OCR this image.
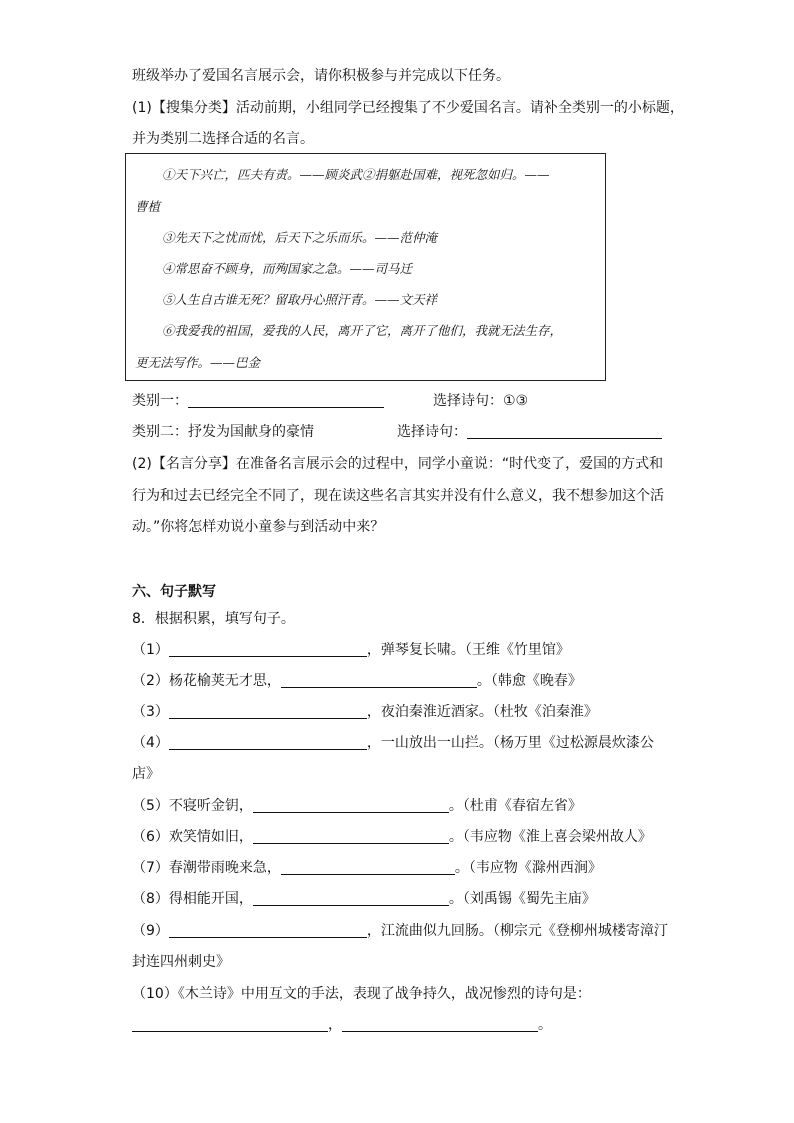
班级举办了爱国名言展示会，请你积极参与并完成以下任务。
(1)【搜集分类】活动前期，小组同学已经搜集了不少爱国名言。请补全类别一的小标题，
并为类别二选择合适的名言。
①天下兴亡，匹夫有责。——顾炎武②捐躯赴国难，视死忽如归。——
曹植
③先天下之忧而忧，后天下之乐而乐。——范仲淹
④常思奋不顾身，而殉国家之急。——司马迁
⑤人生自古谁无死？留取丹心照汗青。——文天祥
⑥我爱我的祖国，爱我的人民，离开了它，离开了他们，我就无法生存，
更无法写作。——巴金
类别一：	选择诗句：①③
类别二：抒发为国献身的豪情	选择诗句：
(2)【名言分享】在准备名言展示会的过程中，同学小童说：“时代变了，爱国的方式和
行为和过去已经完全不同了，现在读这些名言其实并没有什么意义，我不想参加这个活
动。”你将怎样劝说小童参与到活动中来？
六、句子默写
8．根据积累，填写句子。
（1）	，弹琴复长啸。（王维《竹里馆》
（2）杨花榆荚无才思，	。（韩愈《晚春》
（3）	，夜泊秦淮近酒家。（杜牧《泊秦淮》
（4）	，一山放出一山拦。（杨万里《过松源晨炊漆公
店》
（5）不寝听金钥，	。（杜甫《春宿左省》
（6）欢笑情如旧，	。（韦应物《淮上喜会梁州故人》
（7）春潮带雨晚来急，	。（韦应物《滁州西涧》
（8）得相能开国，	。（刘禹锡《蜀先主庙》
（9）	，江流曲似九回肠。（柳宗元《登柳州城楼寄漳汀
封连四州刺史》
（10）《木兰诗》中用互文的手法，表现了战争持久，战况惨烈的诗句是：
，	。
